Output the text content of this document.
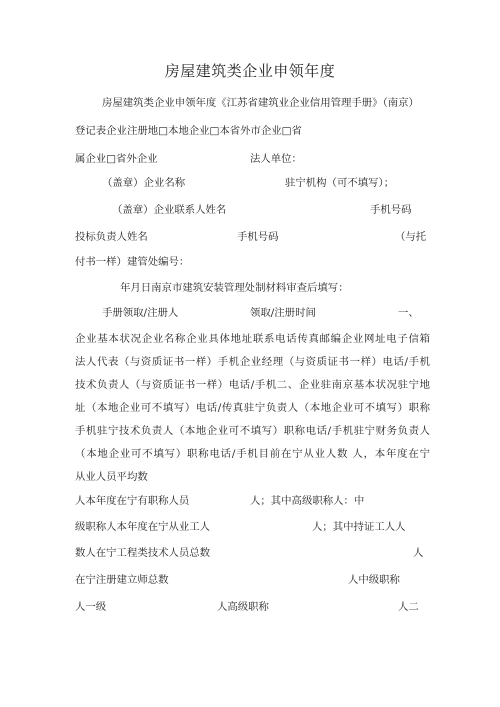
房屋建筑类企业申领年度
房屋建筑类企业申领年度《江苏省建筑业企业信用管理手册》（南京）
登记表企业注册地□本地企业□本省外市企业□省
属企业□省外企业	法人单位：
（盖章）企业名称	驻宁机构（可不填写）；
（盖章）企业联系人姓名	手机号码
投标负责人姓名	手机号码	（与托
付书一样）建管处编号：
年月日南京市建筑安装管理处制材料审查后填写：
手册领取/注册人	领取/注册时间	一、
企业基本状况企业名称企业具体地址联系电话传真邮编企业网址电子信箱
法人代表（与资质证书一样）手机企业经理（与资质证书一样）电话/手机
技术负责人（与资质证书一样）电话/手机二、企业驻南京基本状况驻宁地
址（本地企业可不填写）电话/传真驻宁负责人（本地企业可不填写）职称
手机驻宁技术负责人（本地企业可不填写）职称电话/手机驻宁财务负责人
（本地企业可不填写）职称电话/手机目前在宁从业人数 人，本年度在宁
从业人员平均数
人本年度在宁有职称人员	人；其中高级职称人：中
级职称人本年度在宁从业工人	人；其中持证工人人
数人在宁工程类技术人员总数	人
在宁注册建立师总数	人中级职称
人一级	人高级职称	人二
